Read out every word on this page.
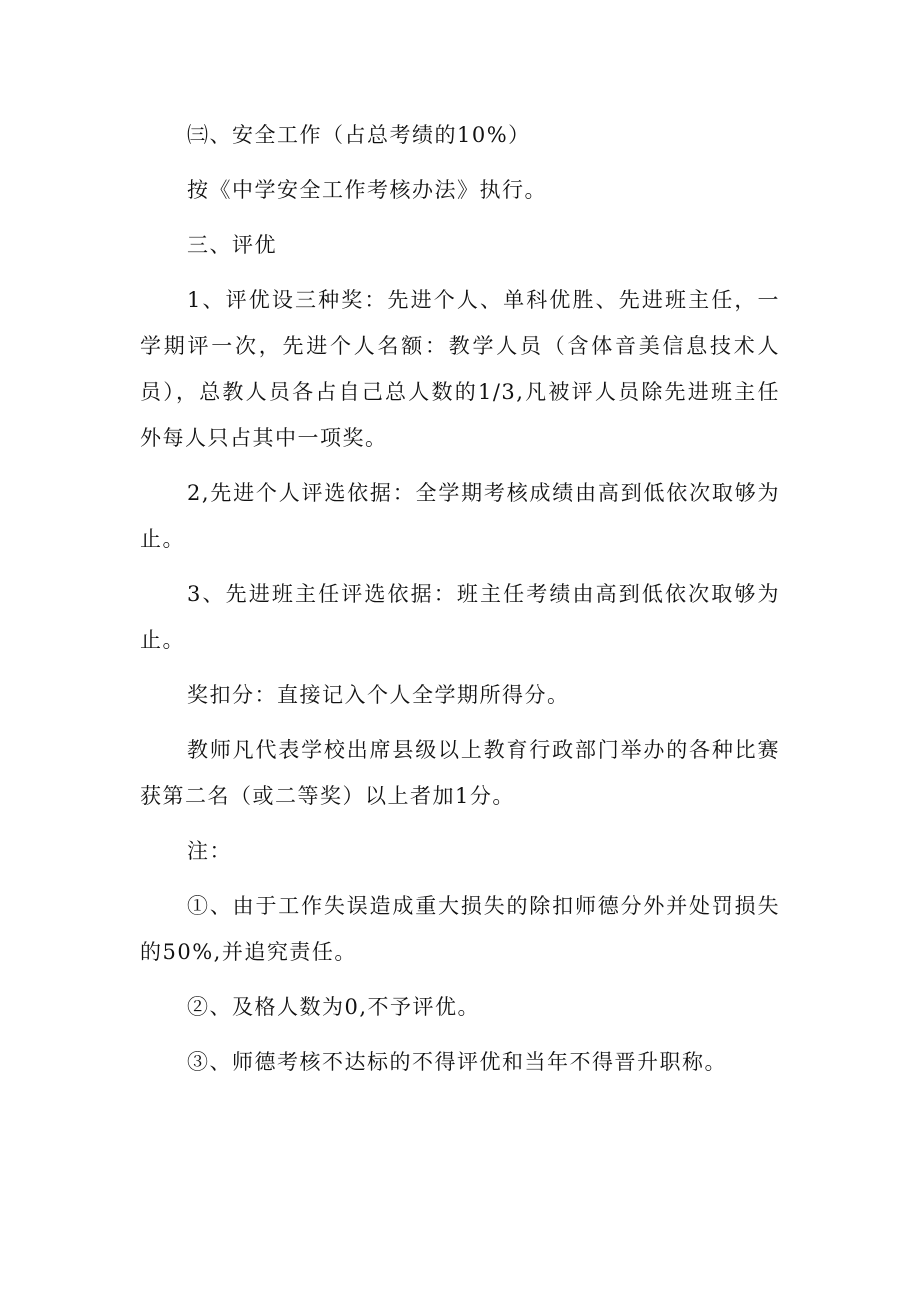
㈢、安全工作（占总考绩的10%）

按《中学安全工作考核办法》执行。

三、评优

1、评优设三种奖：先进个人、单科优胜、先进班主任，一学期评一次，先进个人名额：教学人员（含体音美信息技术人员），总教人员各占自己总人数的1/3,凡被评人员除先进班主任外每人只占其中一项奖。

2,先进个人评选依据：全学期考核成绩由高到低依次取够为止。

3、先进班主任评选依据：班主任考绩由高到低依次取够为止。

奖扣分：直接记入个人全学期所得分。

教师凡代表学校出席县级以上教育行政部门举办的各种比赛获第二名（或二等奖）以上者加1分。

注：

①、由于工作失误造成重大损失的除扣师德分外并处罚损失的50%,并追究责任。

②、及格人数为0,不予评优。

③、师德考核不达标的不得评优和当年不得晋升职称。
